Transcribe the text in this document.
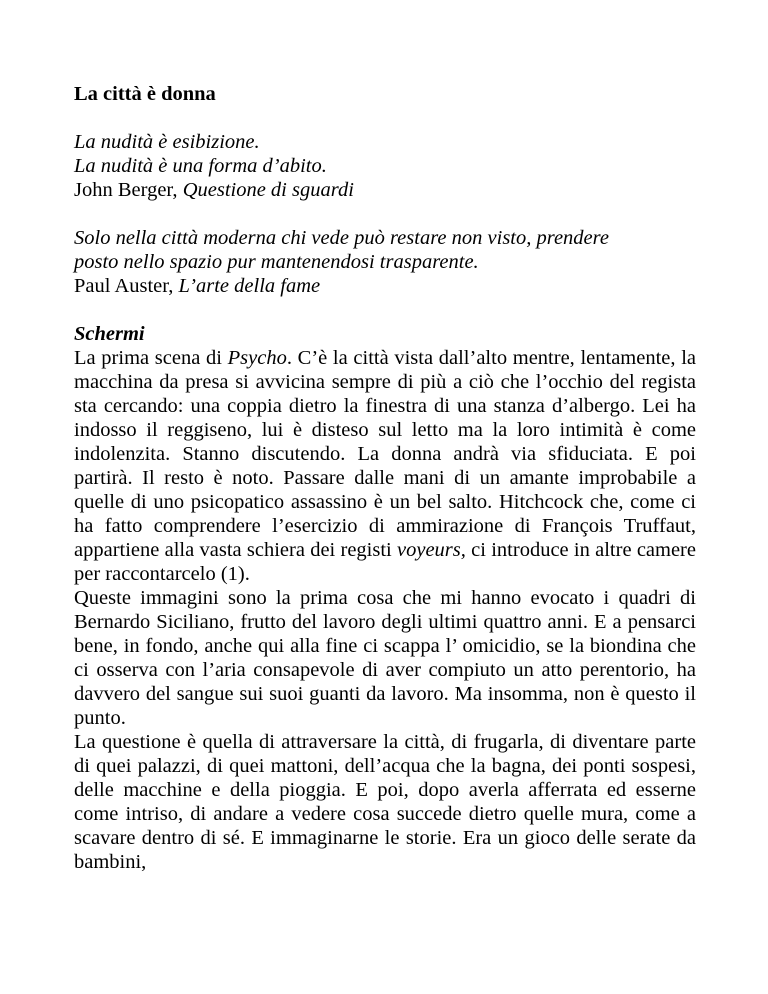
La città è donna

La nudità è esibizione.

La nudità è una forma d’abito.

John Berger, Questione di sguardi

Solo nella città moderna chi vede può restare non visto, prendere

posto nello spazio pur mantenendosi trasparente.

Paul Auster, L’arte della fame

Schermi

La prima scena di Psycho. C’è la città vista dall’alto mentre, lentamente, la macchina da presa si avvicina sempre di più a ciò che l’occhio del regista sta cercando: una coppia dietro la finestra di una stanza d’albergo. Lei ha indosso il reggiseno, lui è disteso sul letto ma la loro intimità è come indolenzita. Stanno discutendo. La donna andrà via sfiduciata. E poi partirà. Il resto è noto. Passare dalle mani di un amante improbabile a quelle di uno psicopatico assassino è un bel salto. Hitchcock che, come ci ha fatto comprendere l’esercizio di ammirazione di François Truffaut, appartiene alla vasta schiera dei registi voyeurs, ci introduce in altre camere per raccontarcelo (1).

Queste immagini sono la prima cosa che mi hanno evocato i quadri di Bernardo Siciliano, frutto del lavoro degli ultimi quattro anni. E a pensarci bene, in fondo, anche qui alla fine ci scappa l’ omicidio, se la biondina che ci osserva con l’aria consapevole di aver compiuto un atto perentorio, ha davvero del sangue sui suoi guanti da lavoro. Ma insomma, non è questo il punto.

La questione è quella di attraversare la città, di frugarla, di diventare parte di quei palazzi, di quei mattoni, dell’acqua che la bagna, dei ponti sospesi, delle macchine e della pioggia. E poi, dopo averla afferrata ed esserne come intriso, di andare a vedere cosa succede dietro quelle mura, come a scavare dentro di sé. E immaginarne le storie. Era un gioco delle serate da bambini,
